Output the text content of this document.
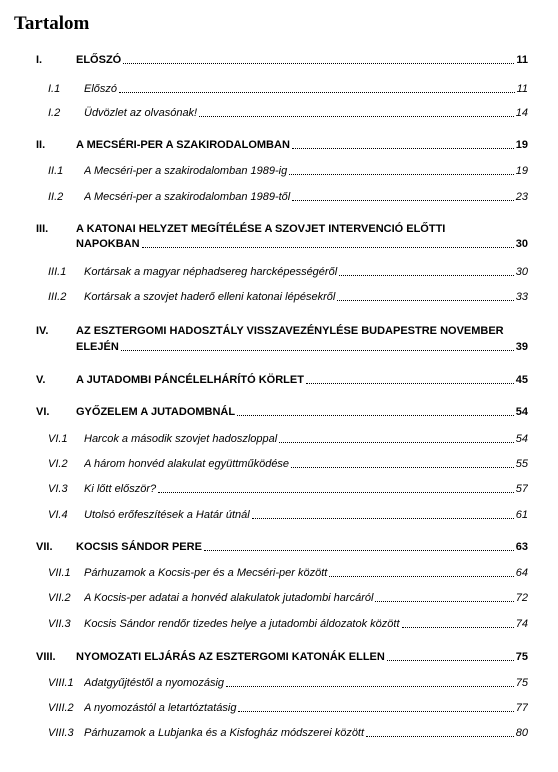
Tartalom
I.	ELŐSZÓ	11
I.1 Előszó	11
I.2 Üdvözlet az olvasónak!	14
II.	A MECSÉRI-PER A SZAKIRODALOMBAN	19
II.1 A Mecséri-per a szakirodalomban 1989-ig	19
II.2 A Mecséri-per a szakirodalomban 1989-től	23
III.	A KATONAI HELYZET MEGÍTÉLÉSE A SZOVJET INTERVENCIÓ ELŐTTI
NAPOKBAN	30
III.1 Kortársak a magyar néphadsereg harcképességéről	30
III.2 Kortársak a szovjet haderő elleni katonai lépésekről	33
IV.	AZ ESZTERGOMI HADOSZTÁLY VISSZAVEZÉNYLÉSE BUDAPESTRE NOVEMBER
ELEJÉN	39
V.	A JUTADOMBI PÁNCÉLELHÁRÍTÓ KÖRLET	45
VI. GYŐZELEM A JUTADOMBNÁL	54
VI.1 Harcok a második szovjet hadoszloppal	54
VI.2 A három honvéd alakulat együttműködése	55
VI.3 Ki lőtt először?	57
VI.4 Utolsó erőfeszítések a Határ útnál	61
VII. KOCSIS SÁNDOR PERE	63
VII.1 Párhuzamok a Kocsis-per és a Mecséri-per között	64
VII.2 A Kocsis-per adatai a honvéd alakulatok jutadombi harcáról	72
VII.3 Kocsis Sándor rendőr tizedes helye a jutadombi áldozatok között	74
VIII. NYOMOZATI ELJÁRÁS AZ ESZTERGOMI KATONÁK ELLEN	75
VIII.1 Adatgyűjtéstől a nyomozásig	75
VIII.2 A nyomozástól a letartóztatásig	77
VIII.3 Párhuzamok a Lubjanka és a Kisfogház módszerei között	80
